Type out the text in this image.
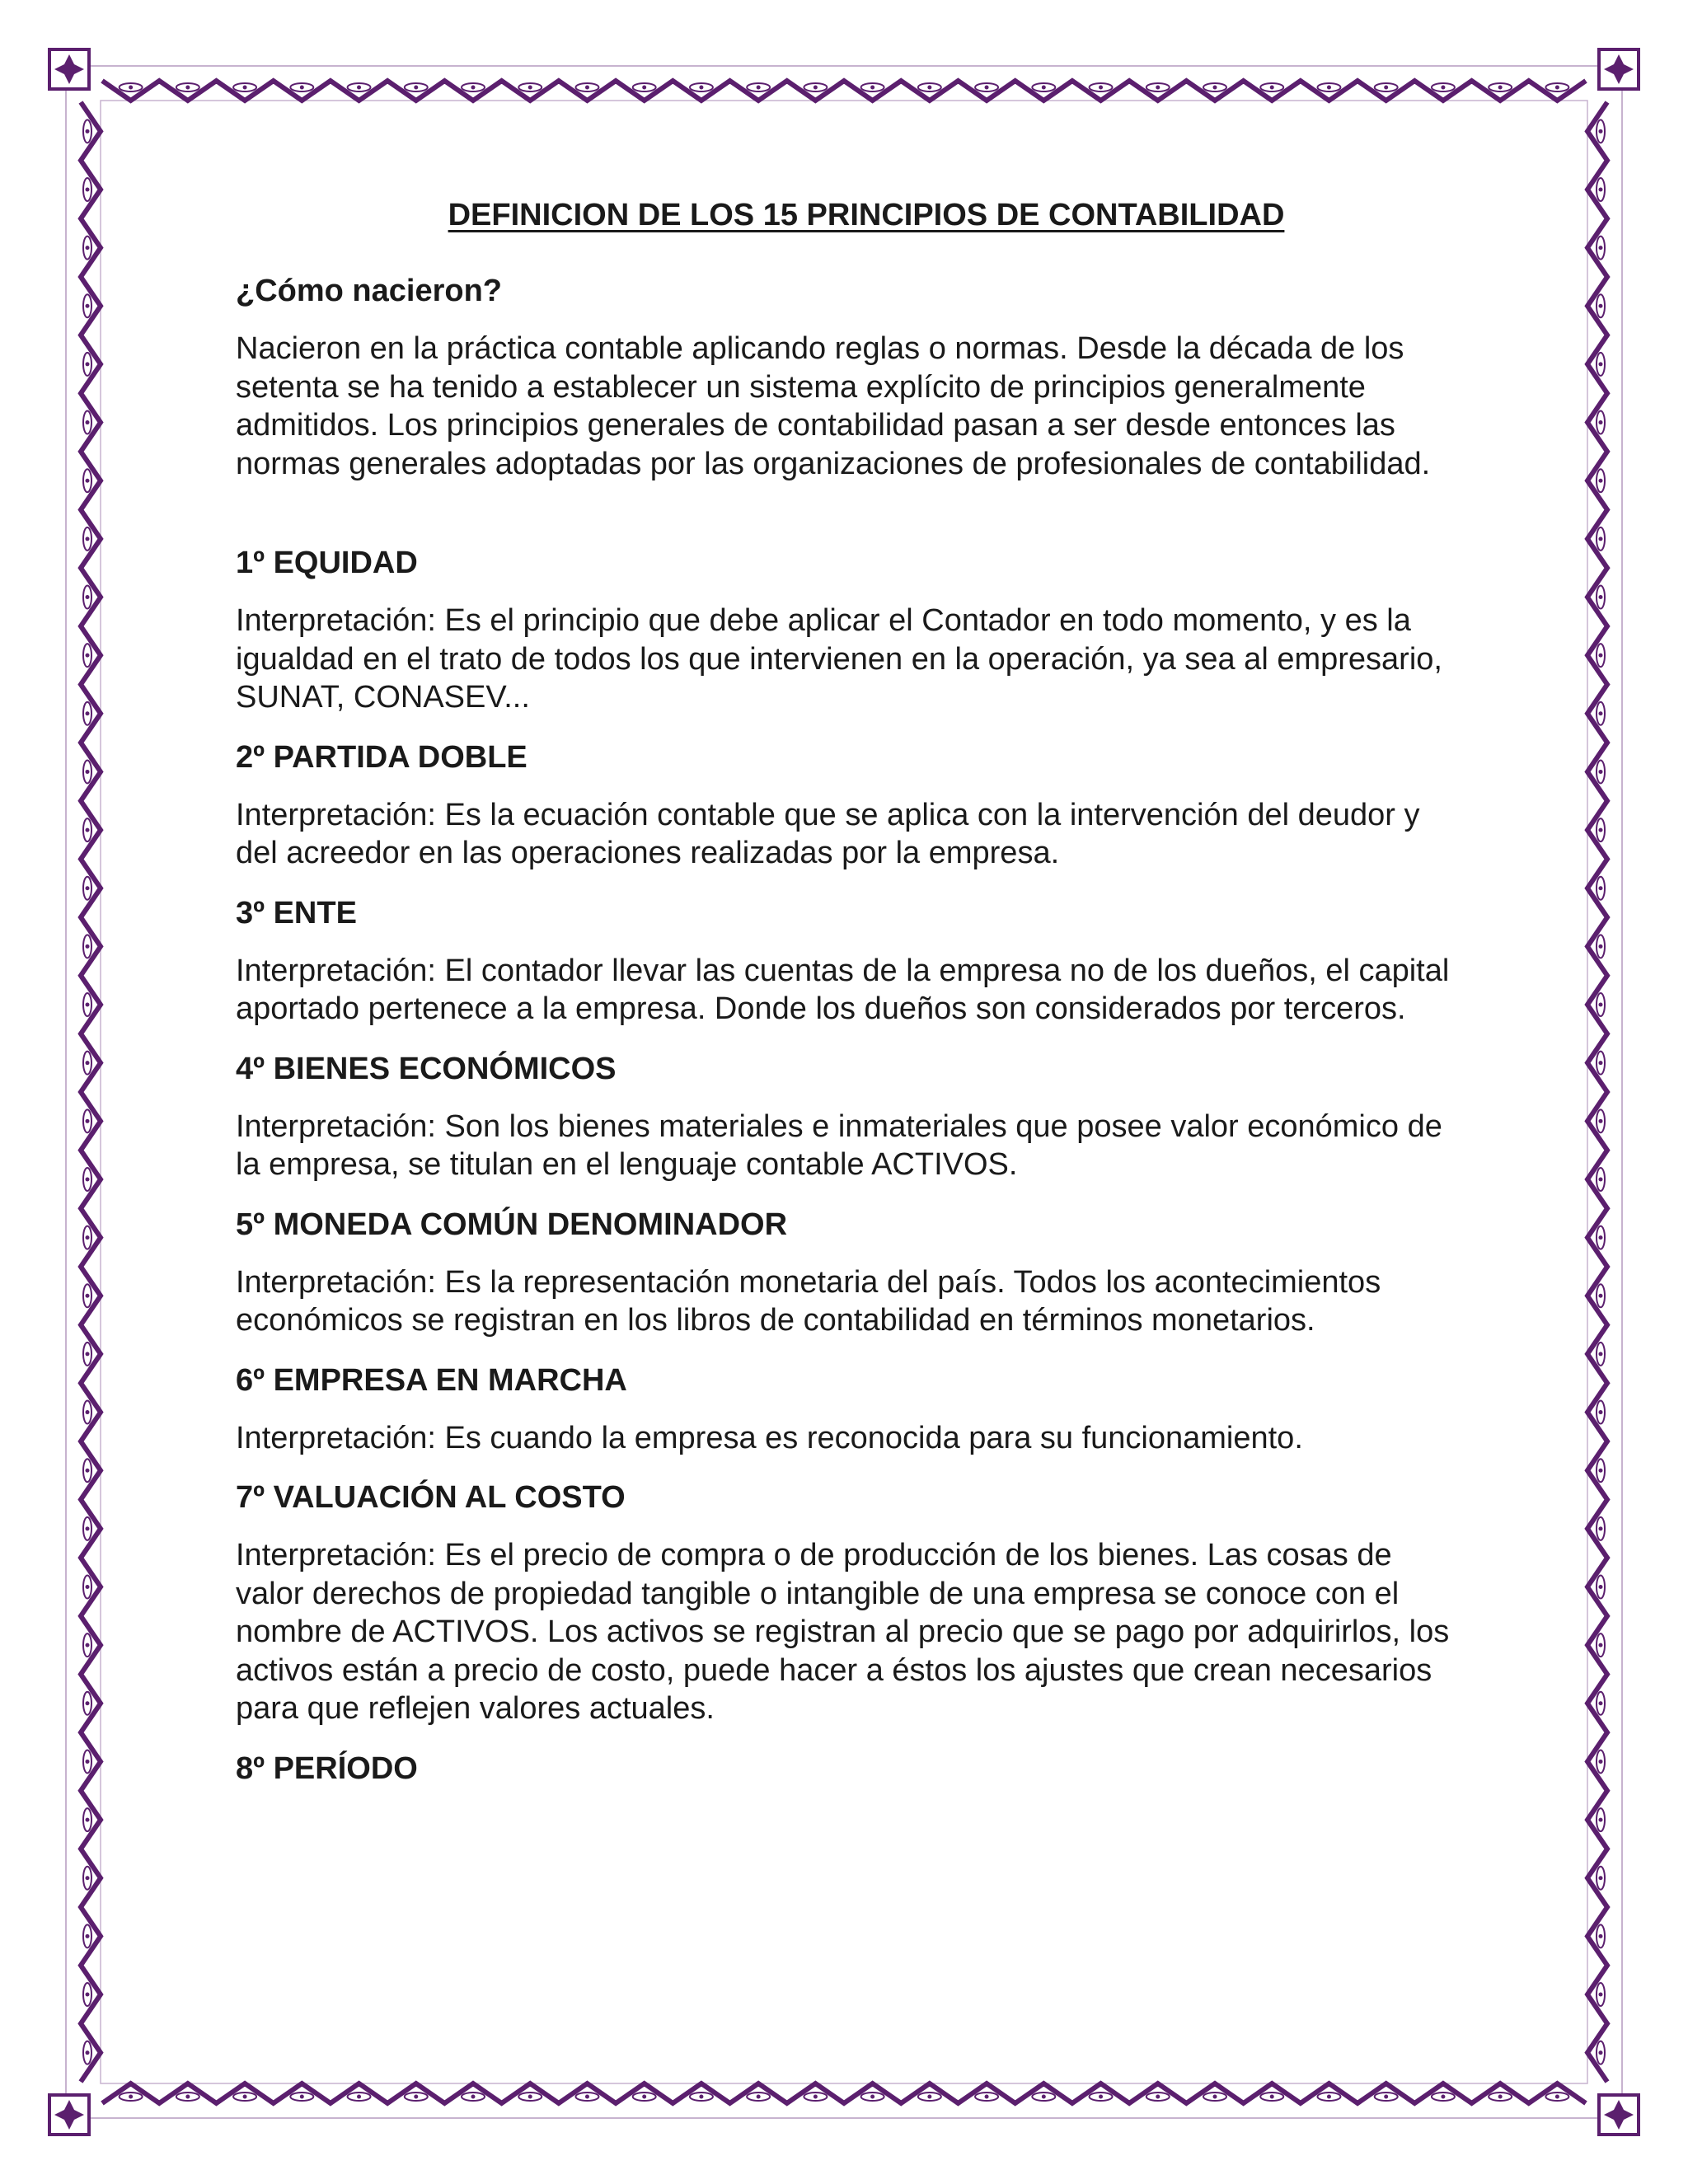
DEFINICION DE LOS 15 PRINCIPIOS DE CONTABILIDAD
¿Cómo nacieron?

Nacieron en la práctica contable aplicando reglas o normas. Desde la década de los setenta se ha tenido a establecer un sistema explícito de principios generalmente admitidos. Los principios generales de contabilidad pasan a ser desde entonces las normas generales adoptadas por las organizaciones de profesionales de contabilidad.

1º EQUIDAD

Interpretación: Es el principio que debe aplicar el Contador en todo momento, y es la igualdad en el trato de todos los que intervienen en la operación, ya sea al empresario, SUNAT, CONASEV...

2º PARTIDA DOBLE

Interpretación: Es la ecuación contable que se aplica con la intervención del deudor y del acreedor en las operaciones realizadas por la empresa.

3º ENTE

Interpretación: El contador llevar las cuentas de la empresa no de los dueños, el capital aportado pertenece a la empresa. Donde los dueños son considerados por terceros.

4º BIENES ECONÓMICOS

Interpretación: Son los bienes materiales e inmateriales que posee valor económico de la empresa, se titulan en el lenguaje contable ACTIVOS.

5º MONEDA COMÚN DENOMINADOR

Interpretación: Es la representación monetaria del país. Todos los acontecimientos económicos se registran en los libros de contabilidad en términos monetarios.

6º EMPRESA EN MARCHA

Interpretación: Es cuando la empresa es reconocida para su funcionamiento.

7º VALUACIÓN AL COSTO

Interpretación: Es el precio de compra o de producción de los bienes. Las cosas de valor derechos de propiedad tangible o intangible de una empresa se conoce con el nombre de ACTIVOS. Los activos se registran al precio que se pago por adquirirlos, los activos están a precio de costo, puede hacer a éstos los ajustes que crean necesarios para que reflejen valores actuales.

8º PERÍODO
